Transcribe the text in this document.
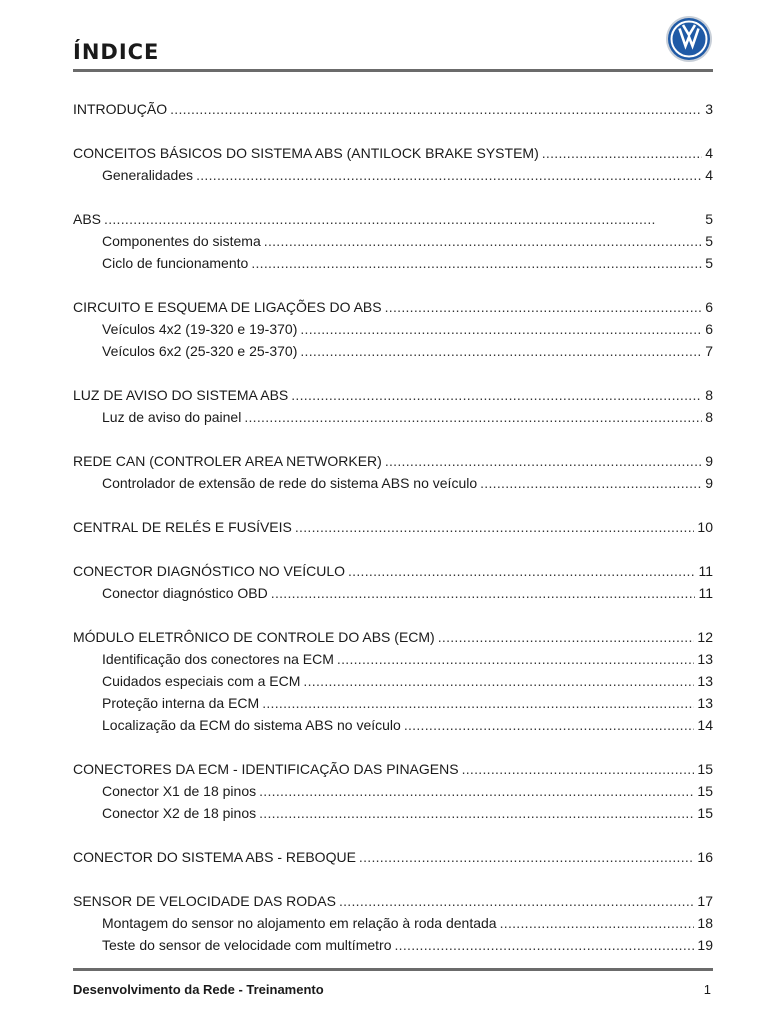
ÍNDICE
INTRODUÇÃO . . .	3
CONCEITOS BÁSICOS DO SISTEMA ABS (ANTILOCK BRAKE SYSTEM) . . .	4
Generalidades . . .	4
ABS . . .	5
Componentes do sistema . . .	5
Ciclo de funcionamento . . .	5
CIRCUITO E ESQUEMA DE LIGAÇÕES DO ABS . . .	6
Veículos 4x2 (19-320 e 19-370) . . .	6
Veículos 6x2 (25-320 e 25-370) . . .	7
LUZ DE AVISO DO SISTEMA ABS . . .	8
Luz de aviso do painel . . .	8
REDE CAN (CONTROLER AREA NETWORKER) . . .	9
Controlador de extensão de rede do sistema ABS no veículo . . .	9
CENTRAL DE RELÉS E FUSÍVEIS . . .	10
CONECTOR DIAGNÓSTICO NO VEÍCULO . . .	11
Conector diagnóstico OBD . . .	11
MÓDULO ELETRÔNICO DE CONTROLE DO ABS (ECM) . . .	12
Identificação dos conectores na ECM . . .	13
Cuidados especiais com a ECM . . .	13
Proteção interna da ECM . . .	13
Localização da ECM do sistema ABS no veículo . . .	14
CONECTORES DA ECM - IDENTIFICAÇÃO DAS PINAGENS . . .	15
Conector X1 de 18 pinos . . .	15
Conector X2 de 18 pinos . . .	15
CONECTOR DO SISTEMA ABS - REBOQUE . . .	16
SENSOR DE VELOCIDADE DAS RODAS . . .	17
Montagem do sensor no alojamento em relação à roda dentada . . .	18
Teste do sensor de velocidade com multímetro . . .	19
Desenvolvimento da Rede - Treinamento	1
